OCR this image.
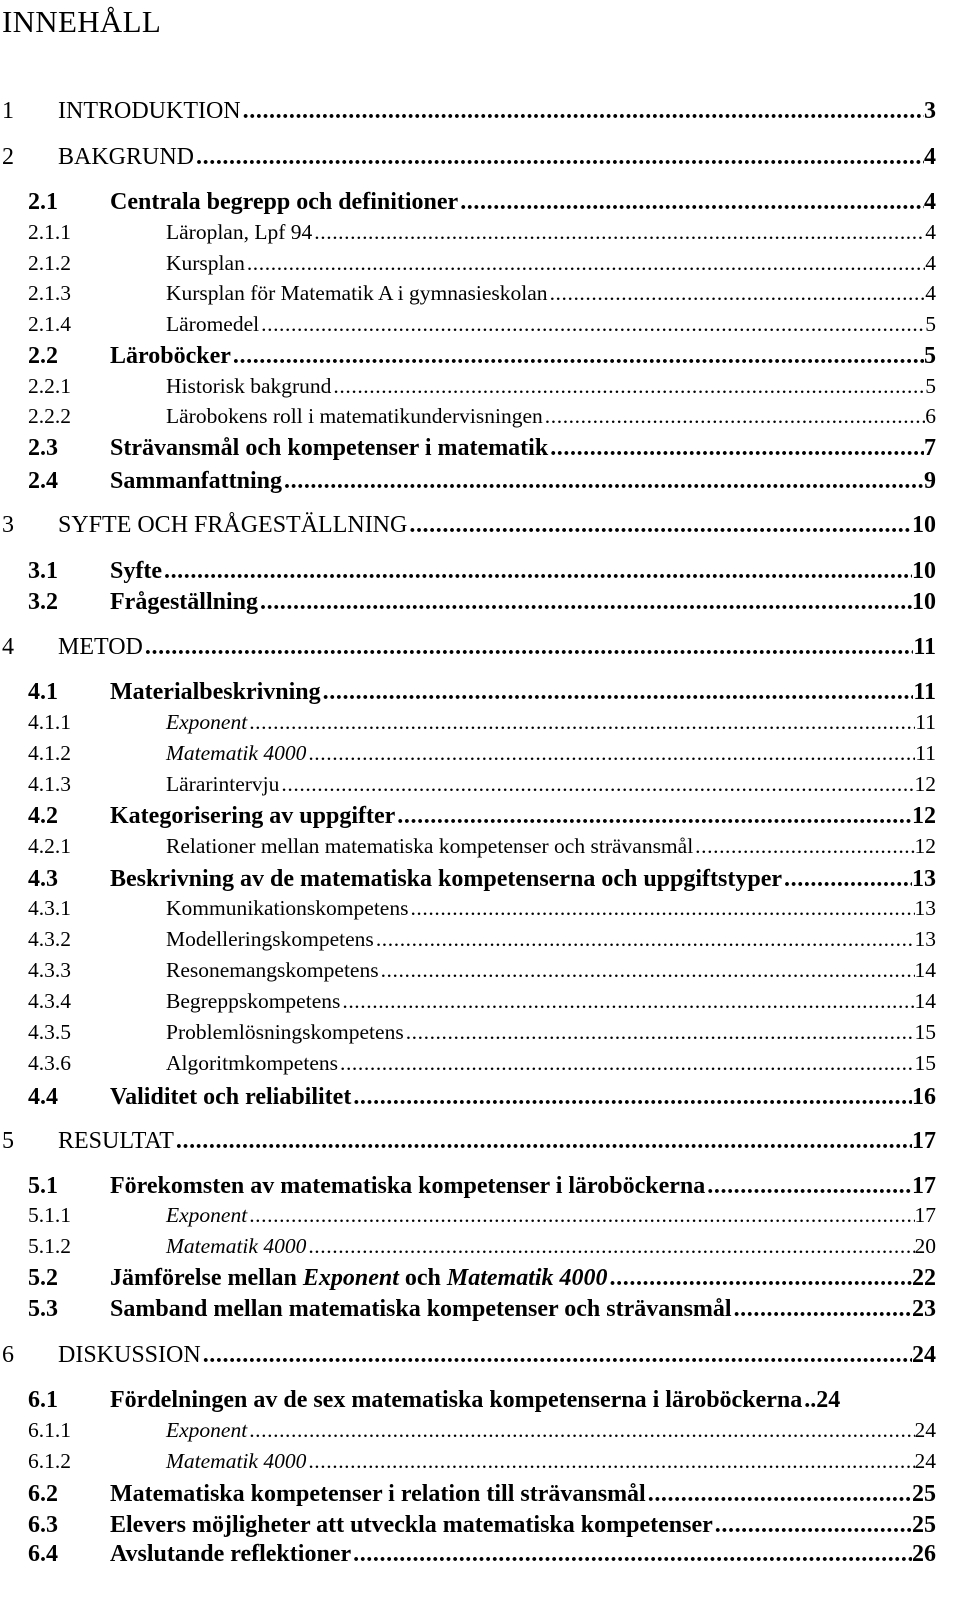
INNEHÅLL
1	INTRODUKTION .....	3
2	BAKGRUND .....	4
2.1	Centrala begrepp och definitioner .....	4
2.1.1	Läroplan, Lpf 94 .....	4
2.1.2	Kursplan .....	4
2.1.3	Kursplan för Matematik A i gymnasieskolan .....	4
2.1.4	Läromedel .....	5
2.2	Läroböcker .....	5
2.2.1	Historisk bakgrund .....	5
2.2.2	Lärobokens roll i matematikundervisningen .....	6
2.3	Strävansmål och kompetenser i matematik .....	7
2.4	Sammanfattning .....	9
3	SYFTE OCH FRÅGESTÄLLNING .....	10
3.1	Syfte .....	10
3.2	Frågeställning .....	10
4	METOD .....	11
4.1	Materialbeskrivning .....	11
4.1.1	Exponent .....	11
4.1.2	Matematik 4000 .....	11
4.1.3	Lärarintervju .....	12
4.2	Kategorisering av uppgifter .....	12
4.2.1	Relationer mellan matematiska kompetenser och strävansmål .....	12
4.3	Beskrivning av de matematiska kompetenserna och uppgiftstyper .....	13
4.3.1	Kommunikationskompetens .....	13
4.3.2	Modelleringskompetens .....	13
4.3.3	Resonemangskompetens .....	14
4.3.4	Begreppskompetens .....	14
4.3.5	Problemlösningskompetens .....	15
4.3.6	Algoritmkompetens .....	15
4.4	Validitet och reliabilitet .....	16
5	RESULTAT .....	17
5.1	Förekomsten av matematiska kompetenser i läroböckerna .....	17
5.1.1	Exponent .....	17
5.1.2	Matematik 4000 .....	20
5.2	Jämförelse mellan Exponent och Matematik 4000 .....	22
5.3	Samband mellan matematiska kompetenser och strävansmål .....	23
6	DISKUSSION .....	24
6.1	Fördelningen av de sex matematiska kompetenserna i läroböckerna .. 24
6.1.1	Exponent .....	24
6.1.2	Matematik 4000 .....	24
6.2	Matematiska kompetenser i relation till strävansmål .....	25
6.3	Elevers möjligheter att utveckla matematiska kompetenser .....	25
6.4	Avslutande reflektioner .....	26
